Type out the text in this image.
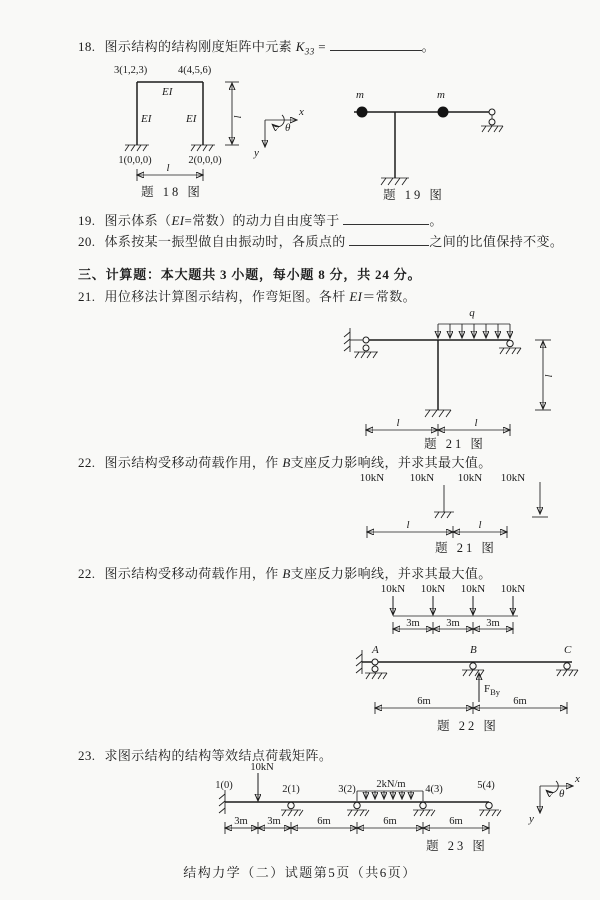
18. 图示结构的结构刚度矩阵中元素 $K_{33}$ =	。
3(1,2,3)	4(4,5,6)
EI
EI	EI
1(0,0,0)	2(0,0,0)
l
l	x
y
θ
题 18 图
m	m
题 19 图
19. 图示体系（EI=常数）的动力自由度等于	。
20. 体系按某一振型做自由振动时，各质点的	之间的比值保持不变。
三、计算题：本大题共 3 小题，每小题 8 分，共 24 分。
21. 用位移法计算图示结构，作弯矩图。各杆 EI＝常数。
q
l
l	l
题 21 图
22. 图示结构受移动荷载作用，作 B支座反力影响线，并求其最大值。
10kN 10kN 10kN 10kN
l	l
题 21 图
22. 图示结构受移动荷载作用，作 B支座反力影响线，并求其最大值。
10kN 10kN 10kN 10kN
3m	3m	3m
A	B	C
$F_{By}$
6m	6m
题 22 图
23. 求图示结构的结构等效结点荷载矩阵。
1(0)	2(1)	3(2)	4(3)	5(4)
10kN
2kN/m
3m 3m	6m	6m	6m
x
y
θ
题 23 图
结构力学（二）试题第5页（共6页）
